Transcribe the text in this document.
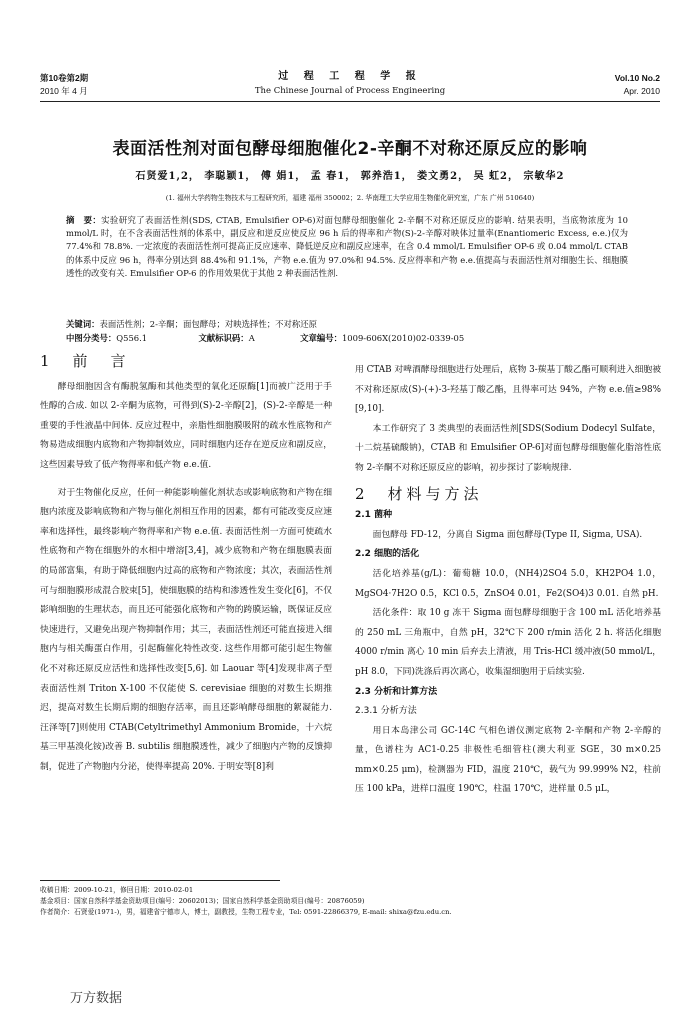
第10卷第2期
2010 年 4 月
过 程 工 程 学 报
The Chinese Journal of Process Engineering
Vol.10 No.2
Apr. 2010
表面活性剂对面包酵母细胞催化2-辛酮不对称还原反应的影响
石贤爱1,2， 李聪颖1， 傅 娟1， 孟 春1， 郭养浩1， 娄文勇2， 吴 虹2， 宗敏华2
(1. 福州大学药物生物技术与工程研究所，福建 福州 350002；2. 华南理工大学应用生物催化研究室，广东 广州 510640)
摘　要：实验研究了表面活性剂(SDS, CTAB, Emulsifier OP-6)对面包酵母细胞催化 2-辛酮不对称还原反应的影响. 结果表明，当底物浓度为 10 mmol/L 时，在不含表面活性剂的体系中，副反应和逆反应使反应 96 h 后的得率和产物(S)-2-辛醇对映体过量率(Enantiomeric Excess, e.e.)仅为 77.4%和 78.8%. 一定浓度的表面活性剂可提高正反应速率、降低逆反应和副反应速率，在含 0.4 mmol/L Emulsifier OP-6 或 0.04 mmol/L CTAB 的体系中反应 96 h，得率分别达到 88.4%和 91.1%，产物 e.e.值为 97.0%和 94.5%. 反应得率和产物 e.e.值提高与表面活性剂对细胞生长、细胞膜透性的改变有关. Emulsifier OP-6 的作用效果优于其他 2 种表面活性剂.
关键词：表面活性剂；2-辛酮；面包酵母；对映选择性；不对称还原
中图分类号：Q556.1	文献标识码：A	文章编号：1009-606X(2010)02-0339-05
1　前　言

酵母细胞因含有酶脱氢酶和其他类型的氧化还原酶[1]而被广泛用于手性醇的合成. 如以 2-辛酮为底物，可得到(S)-2-辛醇[2]，(S)-2-辛醇是一种重要的手性液晶中间体. 反应过程中，亲脂性细胞膜吸附的疏水性底物和产物易造成细胞内底物和产物抑制效应，同时细胞内还存在逆反应和副反应，这些因素导致了低产物得率和低产物 e.e.值.

对于生物催化反应，任何一种能影响催化剂状态或影响底物和产物在细胞内浓度及影响底物和产物与催化剂相互作用的因素，都有可能改变反应速率和选择性，最终影响产物得率和产物 e.e.值. 表面活性剂一方面可使疏水性底物和产物在细胞外的水相中增溶[3,4]，减少底物和产物在细胞膜表面的局部富集，有助于降低细胞内过高的底物和产物浓度；其次，表面活性剂可与细胞膜形成混合胶束[5]，使细胞膜的结构和渗透性发生变化[6]，不仅影响细胞的生理状态，而且还可能强化底物和产物的跨膜运输，既保证反应快速进行，又避免出现产物抑制作用；其三，表面活性剂还可能直接进入细胞内与相关酶蛋白作用，引起酶催化特性改变. 这些作用都可能引起生物催化不对称还原反应活性和选择性改变[5,6]. 如 Laouar 等[4]发现非离子型表面活性剂 Triton X-100 不仅能使 S. cerevisiae 细胞的对数生长期推迟，提高对数生长期后期的细胞存活率，而且还影响酵母细胞的絮凝能力. 汪泽等[7]则使用 CTAB(Cetyltrimethyl Ammonium Bromide，十六烷基三甲基溴化铵)改善 B. subtilis 细胞膜透性，减少了细胞内产物的反馈抑制，促进了产物胞内分泌，使得率提高 20%. 于明安等[8]利

用 CTAB 对啤酒酵母细胞进行处理后，底物 3-羰基丁酸乙酯可顺利进入细胞被不对称还原成(S)-(+)-3-羟基丁酸乙酯，且得率可达 94%，产物 e.e.值≥98%[9,10].

本工作研究了 3 类典型的表面活性剂[SDS(Sodium Dodecyl Sulfate，十二烷基硫酸钠)，CTAB 和 Emulsifier OP-6]对面包酵母细胞催化脂溶性底物 2-辛酮不对称还原反应的影响，初步探讨了影响规律.

2　材料与方法
2.1 菌种

面包酵母 FD-12，分离自 Sigma 面包酵母(Type II, Sigma, USA).

2.2 细胞的活化

活化培养基(g/L)：葡萄糖 10.0，(NH4)2SO4 5.0，KH2PO4 1.0，MgSO4·7H2O 0.5，KCl 0.5，ZnSO4 0.01，Fe2(SO4)3 0.01. 自然 pH.

活化条件：取 10 g 冻干 Sigma 面包酵母细胞于含 100 mL 活化培养基的 250 mL 三角瓶中，自然 pH，32℃下 200 r/min 活化 2 h. 将活化细胞 4000 r/min 离心 10 min 后弃去上清液，用 Tris-HCl 缓冲液(50 mmol/L，pH 8.0，下同)洗涤后再次离心，收集湿细胞用于后续实验.

2.3 分析和计算方法
2.3.1 分析方法

用日本岛津公司 GC-14C 气相色谱仪测定底物 2-辛酮和产物 2-辛醇的量，色谱柱为 AC1-0.25 非极性毛细管柱(澳大利亚 SGE，30 m×0.25 mm×0.25 μm)，检测器为 FID，温度 210℃，载气为 99.999% N2，柱前压 100 kPa，进样口温度 190℃，柱温 170℃，进样量 0.5 μL，

收稿日期：2009-10-21，修回日期：2010-02-01
基金项目：国家自然科学基金资助项目(编号：20602013)；国家自然科学基金资助项目(编号：20876059)
作者简介：石贤爱(1971-)，男，福建省宁德市人，博士，副教授，生物工程专业，Tel: 0591-22866379, E-mail: shixa@fzu.edu.cn.
万方数据
